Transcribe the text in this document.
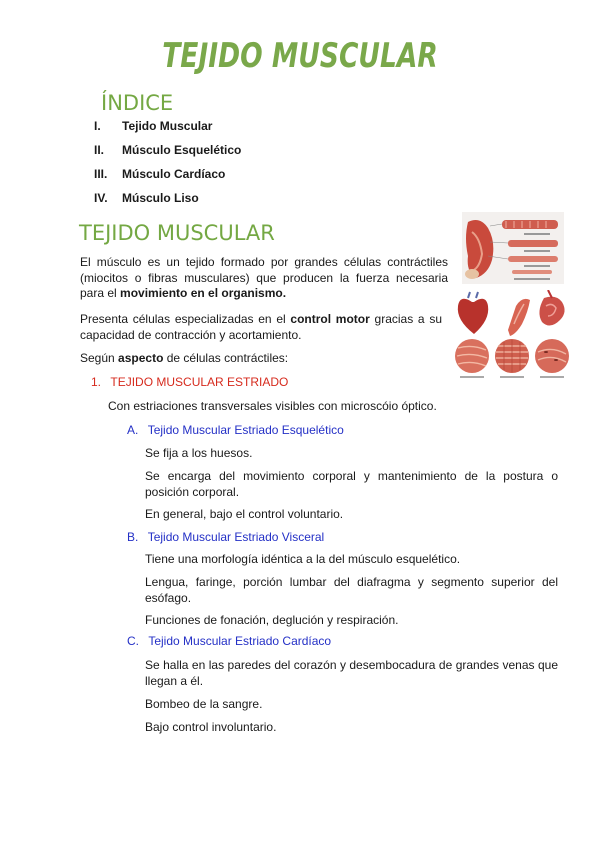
TEJIDO MUSCULAR
ÍNDICE
I. Tejido Muscular
II. Músculo Esquelético
III. Músculo Cardíaco
IV. Músculo Liso
TEJIDO MUSCULAR
El músculo es un tejido formado por grandes células contráctiles (miocitos o fibras musculares) que producen la fuerza necesaria para el movimiento en el organismo.
Presenta células especializadas en el control motor gracias a su capacidad de contracción y acortamiento.
Según aspecto de células contráctiles:
1. TEJIDO MUSCULAR ESTRIADO
Con estriaciones transversales visibles con microscóio óptico.
A. Tejido Muscular Estriado Esquelético
Se fija a los huesos.
Se encarga del movimiento corporal y mantenimiento de la postura o posición corporal.
En general, bajo el control voluntario.
B. Tejido Muscular Estriado Visceral
Tiene una morfología idéntica a la del músculo esquelético.
Lengua, faringe, porción lumbar del diafragma y segmento superior del esófago.
Funciones de fonación, deglución y respiración.
C. Tejido Muscular Estriado Cardíaco
Se halla en las paredes del corazón y desembocadura de grandes venas que llegan a él.
Bombeo de la sangre.
Bajo control involuntario.
